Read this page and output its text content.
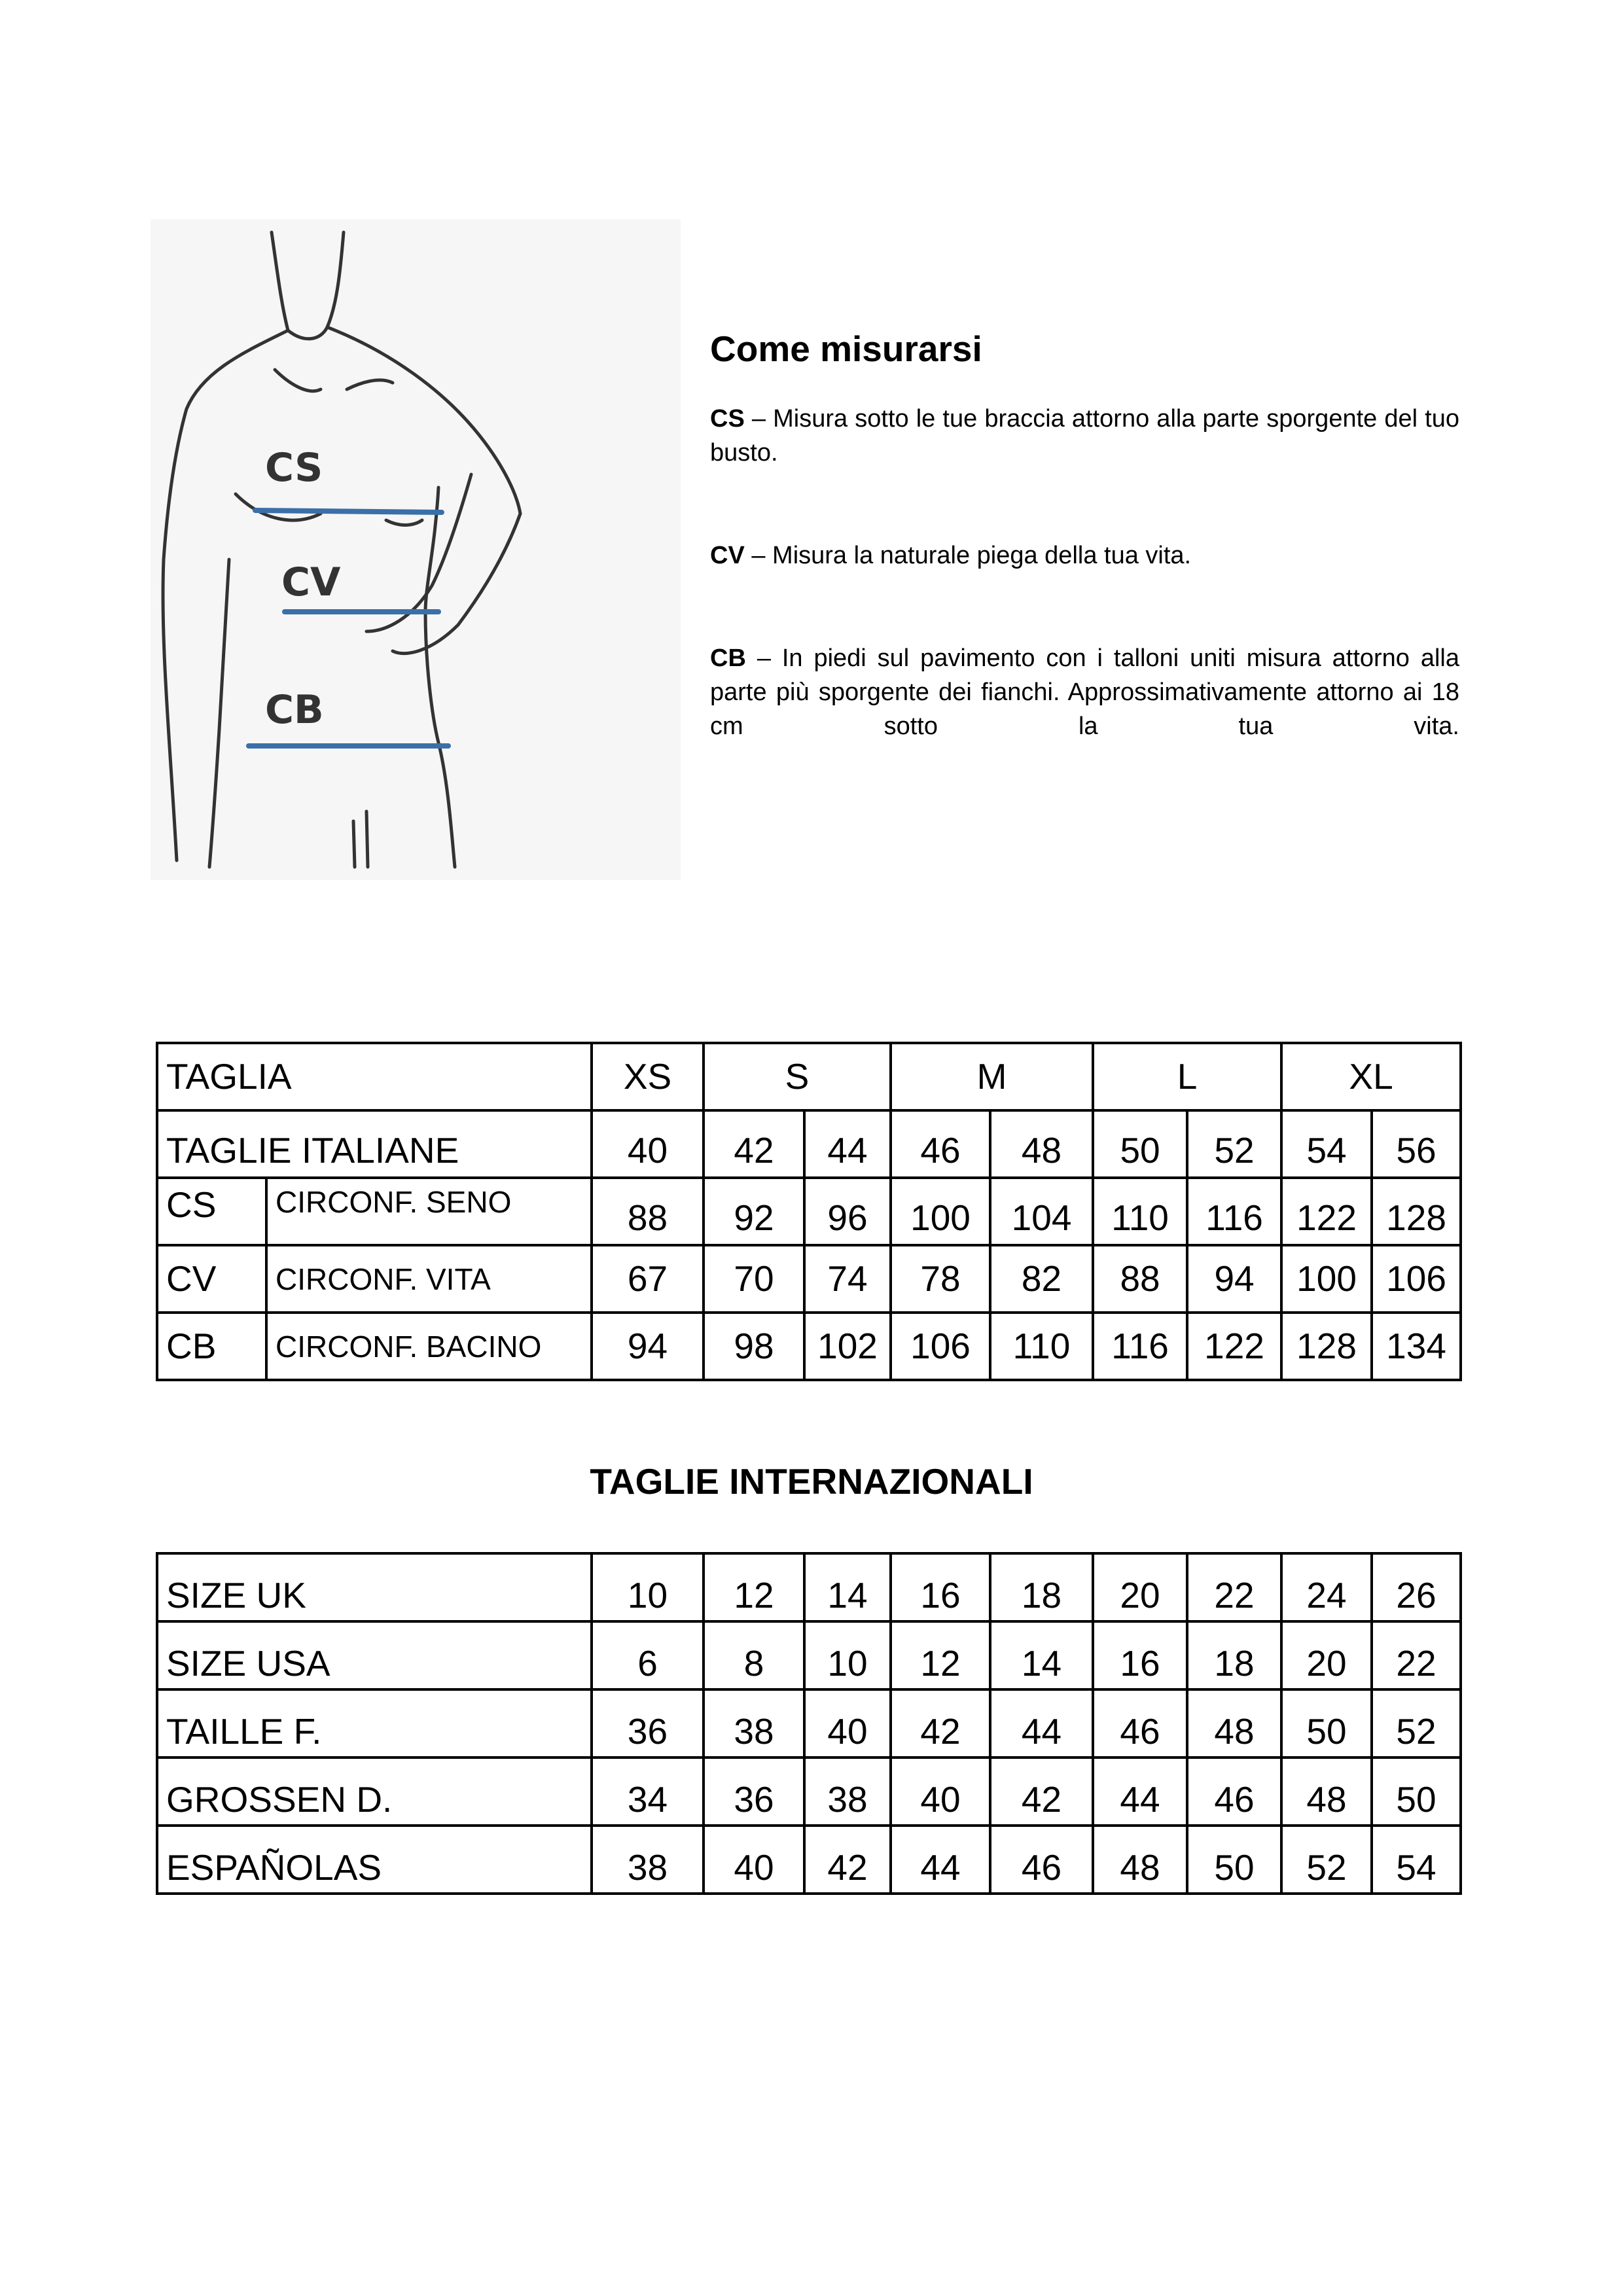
CS
CV
CB
Come misurarsi

CS – Misura sotto le tue braccia attorno alla parte sporgente del tuo busto.

CV – Misura la naturale piega della tua vita.

CB – In piedi sul pavimento con i talloni uniti misura attorno alla parte più sporgente dei fianchi. Approssimativamente attorno ai 18 cm sotto la tua vita.

TAGLIA		XS	S		M		L		XL	
TAGLIE ITALIANE		40	42	44	46	48	50	52	54	56
CS	CIRCONF. SENO	88	92	96	100	104	110	116	122	128
CV	CIRCONF. VITA	67	70	74	78	82	88	94	100	106
CB	CIRCONF. BACINO	94	98	102	106	110	116	122	128	134
TAGLIE INTERNAZIONALI
SIZE UK	10	12	14	16	18	20	22	24	26
SIZE USA	6	8	10	12	14	16	18	20	22
TAILLE F.	36	38	40	42	44	46	48	50	52
GROSSEN D.	34	36	38	40	42	44	46	48	50
ESPAÑOLAS	38	40	42	44	46	48	50	52	54
